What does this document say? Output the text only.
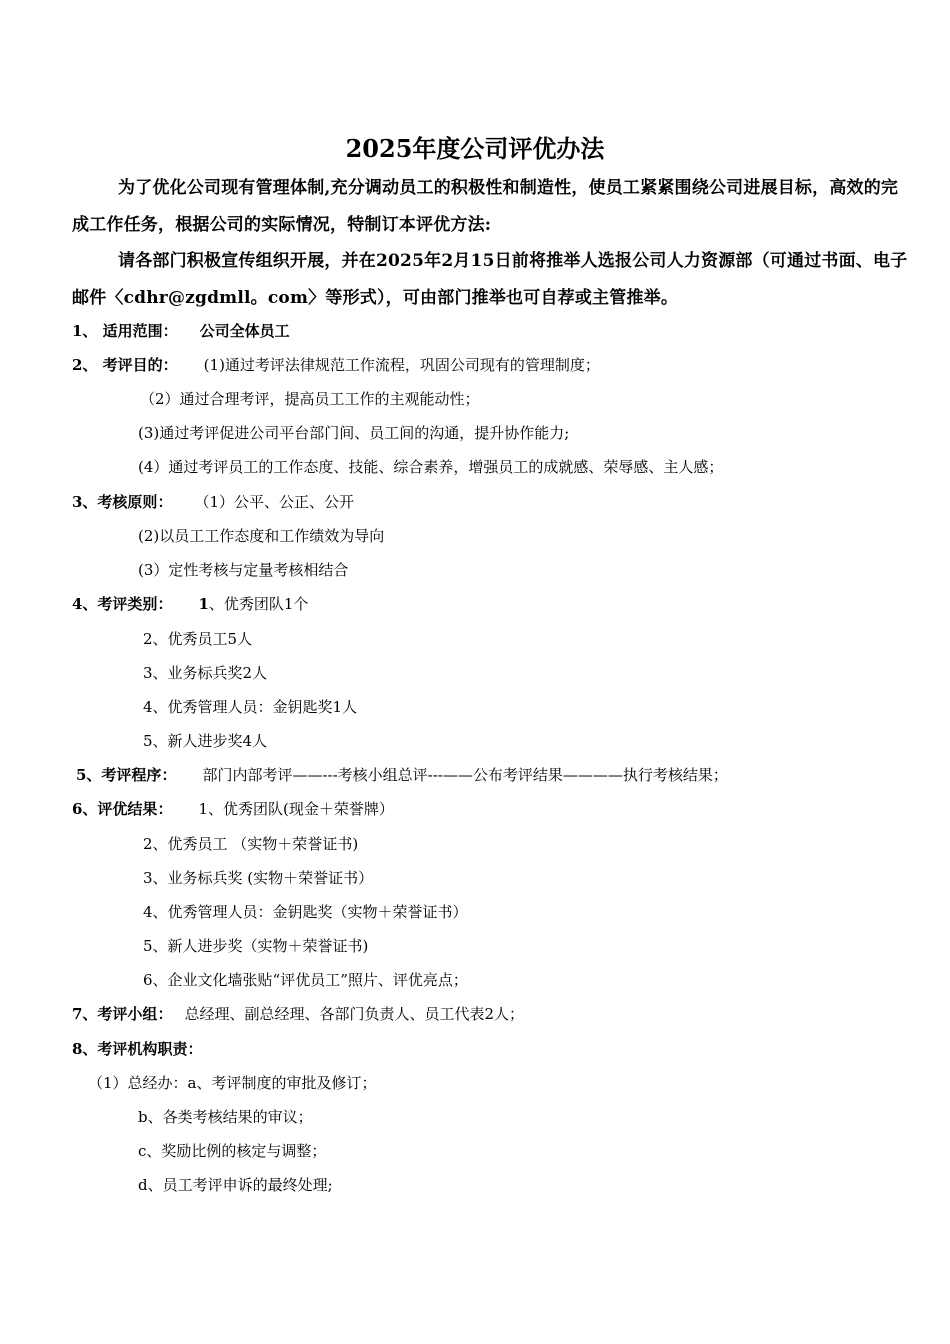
2025年度公司评优办法

为了优化公司现有管理体制,充分调动员工的积极性和制造性，使员工紧紧围绕公司进展目标，高效的完成工作任务，根据公司的实际情况，特制订本评优方法:

请各部门积极宣传组织开展，并在2025年2月15日前将推举人选报公司人力资源部（可通过书面、电子邮件〈cdhr@zgdmll。com〉等形式），可由部门推举也可自荐或主管推举。

1、 适用范围： 公司全体员工
2、 考评目的： (1)通过考评法律规范工作流程，巩固公司现有的管理制度；
（2）通过合理考评，提高员工工作的主观能动性；
(3)通过考评促进公司平台部门间、员工间的沟通，提升协作能力;
(4）通过考评员工的工作态度、技能、综合素养，增强员工的成就感、荣辱感、主人感；
3、考核原则： （1）公平、公正、公开
(2)以员工工作态度和工作绩效为导向
(3）定性考核与定量考核相结合
4、考评类别： 1、优秀团队1个
2、优秀员工5人
3、业务标兵奖2人
4、优秀管理人员：金钥匙奖1人
5、新人进步奖4人
5、考评程序： 部门内部考评——---考核小组总评---——公布考评结果————执行考核结果；
6、评优结果： 1、优秀团队(现金＋荣誉牌）
2、优秀员工 （实物＋荣誉证书)
3、业务标兵奖 (实物＋荣誉证书）
4、优秀管理人员：金钥匙奖（实物＋荣誉证书）
5、新人进步奖（实物＋荣誉证书)
6、企业文化墙张贴“评优员工”照片、评优亮点；
7、考评小组： 总经理、副总经理、各部门负责人、员工代表2人；
8、考评机构职责：
（1）总经办：a、考评制度的审批及修订；
b、各类考核结果的审议；
c、奖励比例的核定与调整；
d、员工考评申诉的最终处理;
